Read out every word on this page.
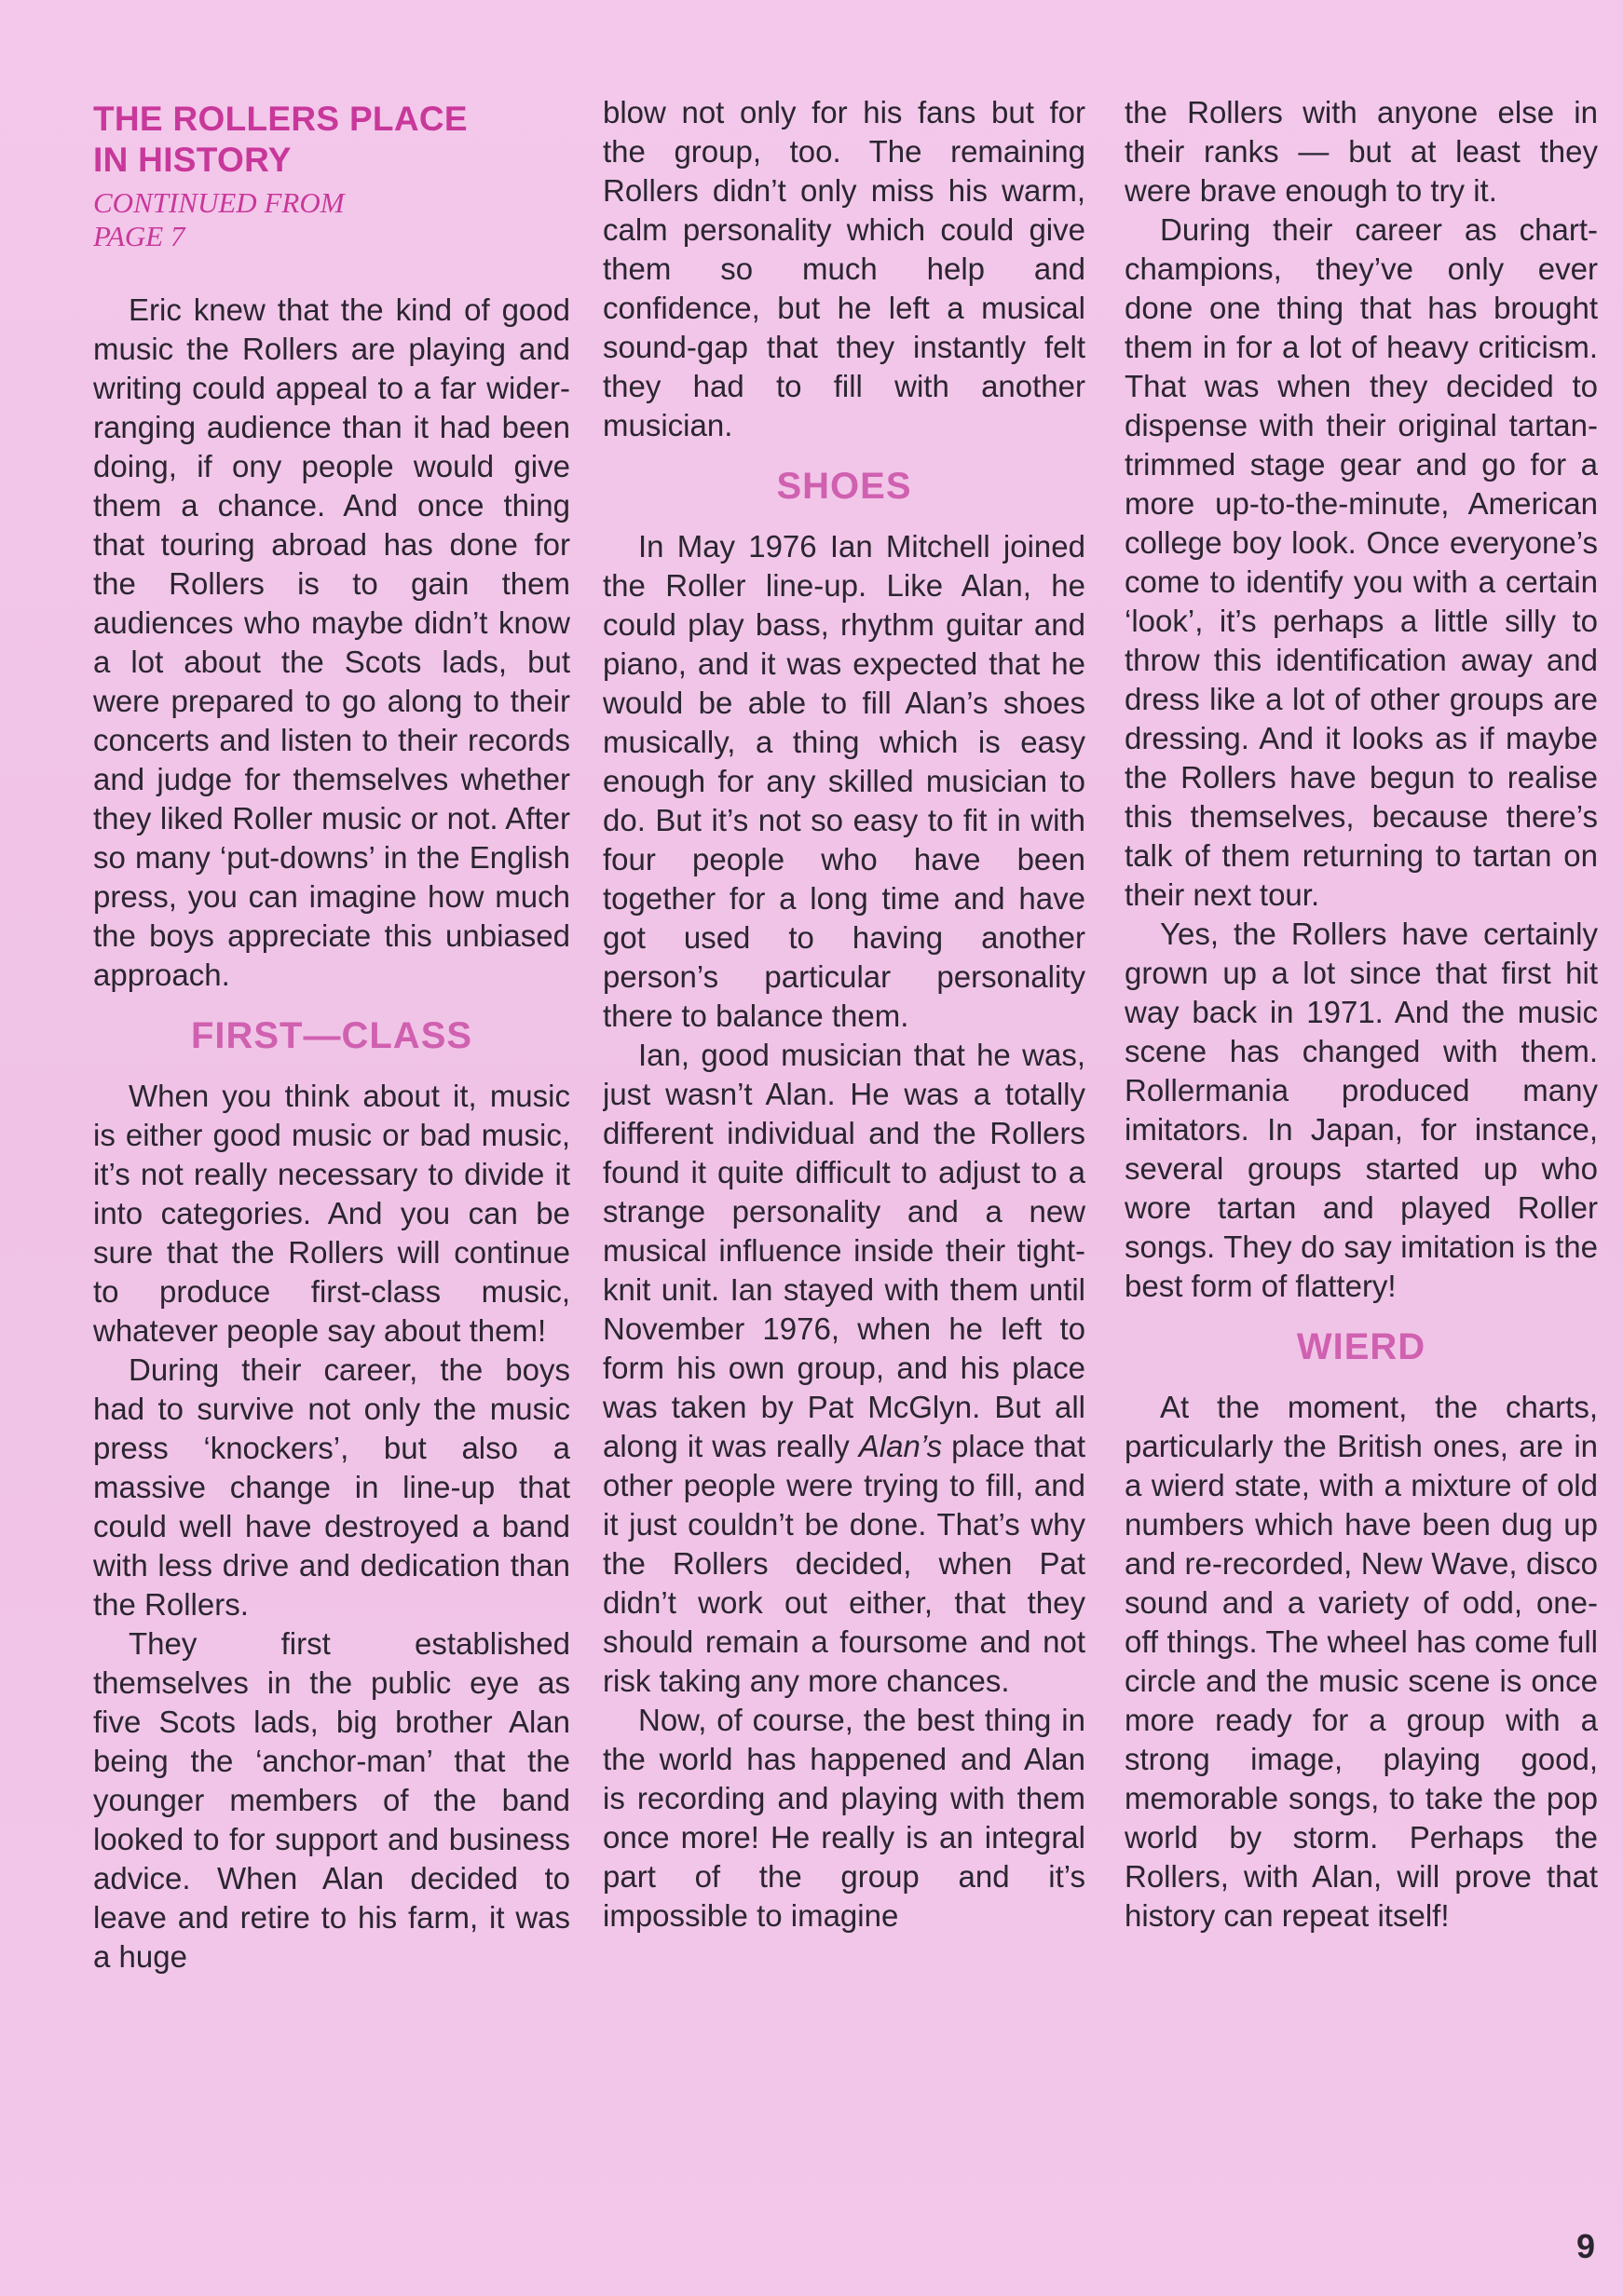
THE ROLLERS PLACE
IN HISTORY
CONTINUED FROM
PAGE 7

Eric knew that the kind of good music the Rollers are playing and writing could appeal to a far wider-ranging audience than it had been doing, if ony people would give them a chance. And once thing that touring abroad has done for the Rollers is to gain them audiences who maybe didn’t know a lot about the Scots lads, but were prepared to go along to their concerts and listen to their records and judge for themselves whether they liked Roller music or not. After so many ‘put-downs’ in the English press, you can imagine how much the boys appreciate this unbiased approach.

FIRST—CLASS

When you think about it, music is either good music or bad music, it’s not really necessary to divide it into categories. And you can be sure that the Rollers will continue to produce first-class music, whatever people say about them!

During their career, the boys had to survive not only the music press ‘knockers’, but also a massive change in line-up that could well have destroyed a band with less drive and dedication than the Rollers.

They first established themselves in the public eye as five Scots lads, big brother Alan being the ‘anchor-man’ that the younger members of the band looked to for support and business advice. When Alan decided to leave and retire to his farm, it was a huge

blow not only for his fans but for the group, too. The remaining Rollers didn’t only miss his warm, calm personality which could give them so much help and confidence, but he left a musical sound-gap that they instantly felt they had to fill with another musician.

SHOES

In May 1976 Ian Mitchell joined the Roller line-up. Like Alan, he could play bass, rhythm guitar and piano, and it was expected that he would be able to fill Alan’s shoes musically, a thing which is easy enough for any skilled musician to do. But it’s not so easy to fit in with four people who have been together for a long time and have got used to having another person’s particular personality there to balance them.

Ian, good musician that he was, just wasn’t Alan. He was a totally different individual and the Rollers found it quite difficult to adjust to a strange personality and a new musical influence inside their tight-knit unit. Ian stayed with them until November 1976, when he left to form his own group, and his place was taken by Pat McGlyn. But all along it was really Alan’s place that other people were trying to fill, and it just couldn’t be done. That’s why the Rollers decided, when Pat didn’t work out either, that they should remain a foursome and not risk taking any more chances.

Now, of course, the best thing in the world has happened and Alan is recording and playing with them once more! He really is an integral part of the group and it’s impossible to imagine

the Rollers with anyone else in their ranks — but at least they were brave enough to try it.

During their career as chart-champions, they’ve only ever done one thing that has brought them in for a lot of heavy criticism. That was when they decided to dispense with their original tartan-trimmed stage gear and go for a more up-to-the-minute, American college boy look. Once everyone’s come to identify you with a certain ‘look’, it’s perhaps a little silly to throw this identification away and dress like a lot of other groups are dressing. And it looks as if maybe the Rollers have begun to realise this themselves, because there’s talk of them returning to tartan on their next tour.

Yes, the Rollers have certainly grown up a lot since that first hit way back in 1971. And the music scene has changed with them. Rollermania produced many imitators. In Japan, for instance, several groups started up who wore tartan and played Roller songs. They do say imitation is the best form of flattery!

WIERD

At the moment, the charts, particularly the British ones, are in a wierd state, with a mixture of old numbers which have been dug up and re-recorded, New Wave, disco sound and a variety of odd, one-off things. The wheel has come full circle and the music scene is once more ready for a group with a strong image, playing good, memorable songs, to take the pop world by storm. Perhaps the Rollers, with Alan, will prove that history can repeat itself!

9
